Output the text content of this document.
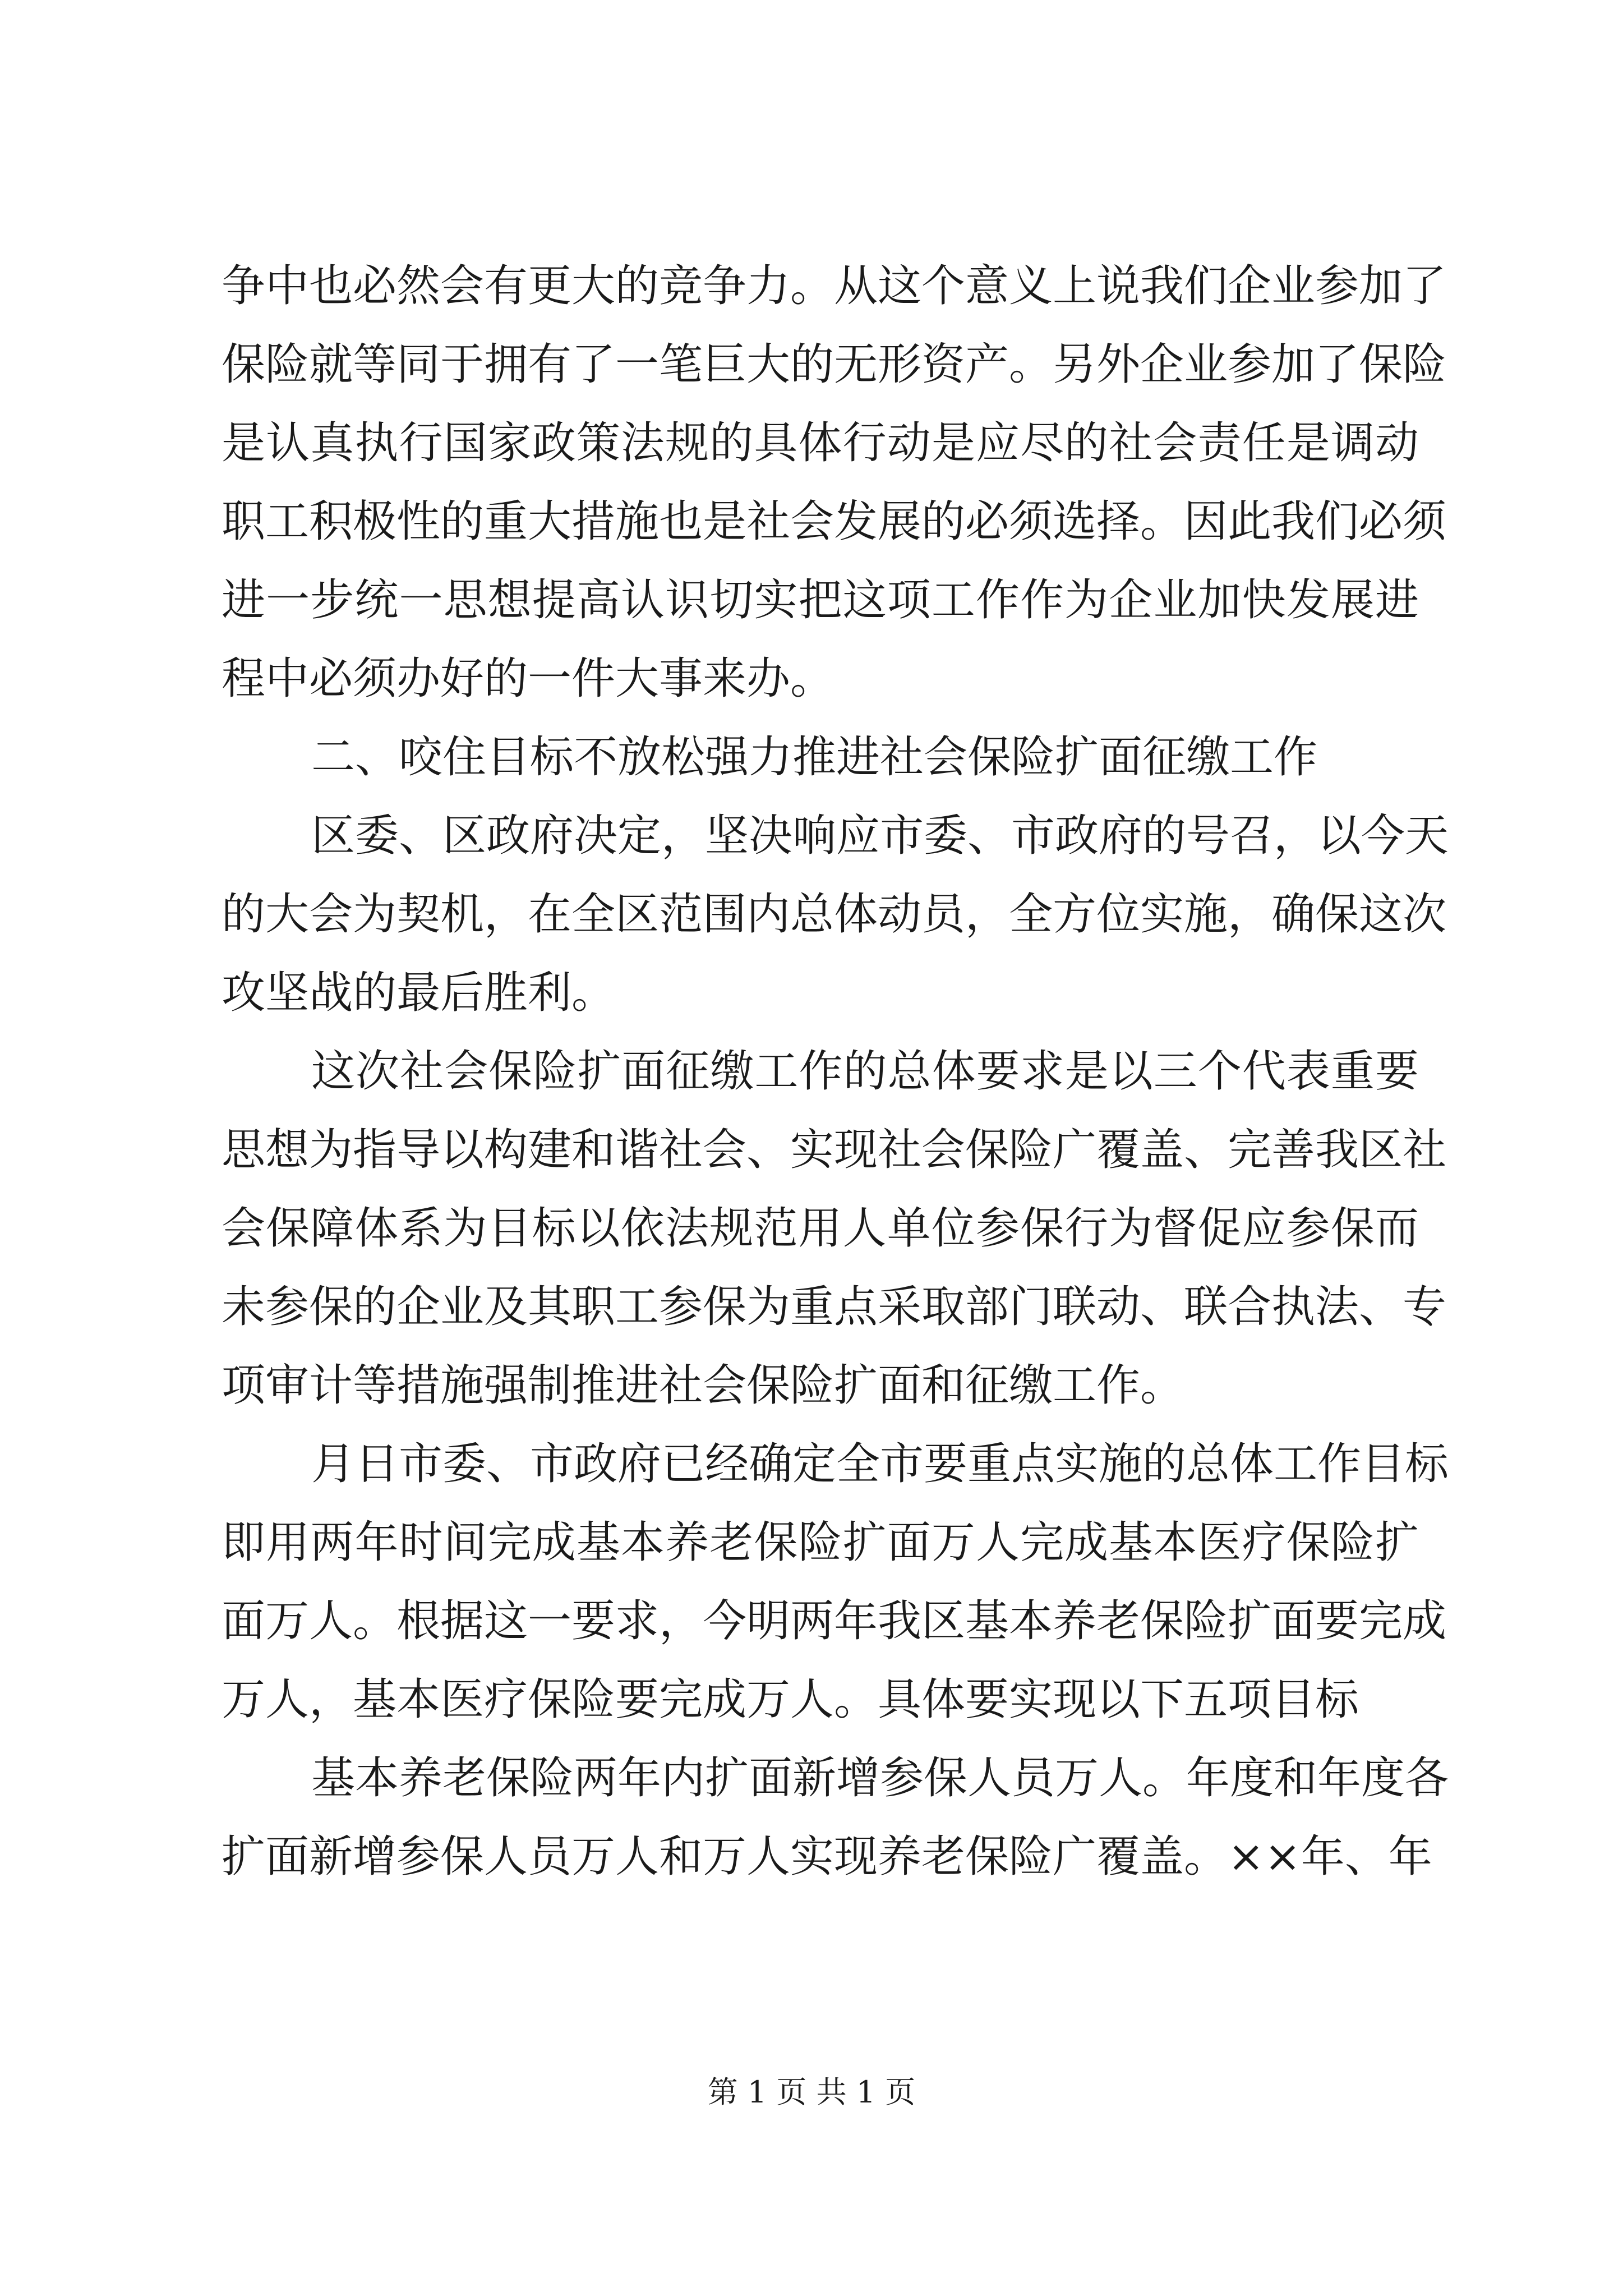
争中也必然会有更大的竞争力。从这个意义上说我们企业参加了
保险就等同于拥有了一笔巨大的无形资产。另外企业参加了保险
是认真执行国家政策法规的具体行动是应尽的社会责任是调动
职工积极性的重大措施也是社会发展的必须选择。因此我们必须
进一步统一思想提高认识切实把这项工作作为企业加快发展进
程中必须办好的一件大事来办。
二、咬住目标不放松强力推进社会保险扩面征缴工作
区委、区政府决定，坚决响应市委、市政府的号召，以今天
的大会为契机，在全区范围内总体动员，全方位实施，确保这次
攻坚战的最后胜利。
这次社会保险扩面征缴工作的总体要求是以三个代表重要
思想为指导以构建和谐社会、实现社会保险广覆盖、完善我区社
会保障体系为目标以依法规范用人单位参保行为督促应参保而
未参保的企业及其职工参保为重点采取部门联动、联合执法、专
项审计等措施强制推进社会保险扩面和征缴工作。
月日市委、市政府已经确定全市要重点实施的总体工作目标
即用两年时间完成基本养老保险扩面万人完成基本医疗保险扩
面万人。根据这一要求，今明两年我区基本养老保险扩面要完成
万人，基本医疗保险要完成万人。具体要实现以下五项目标
基本养老保险两年内扩面新增参保人员万人。年度和年度各
扩面新增参保人员万人和万人实现养老保险广覆盖。××年、年
第 1 页 共 1 页
